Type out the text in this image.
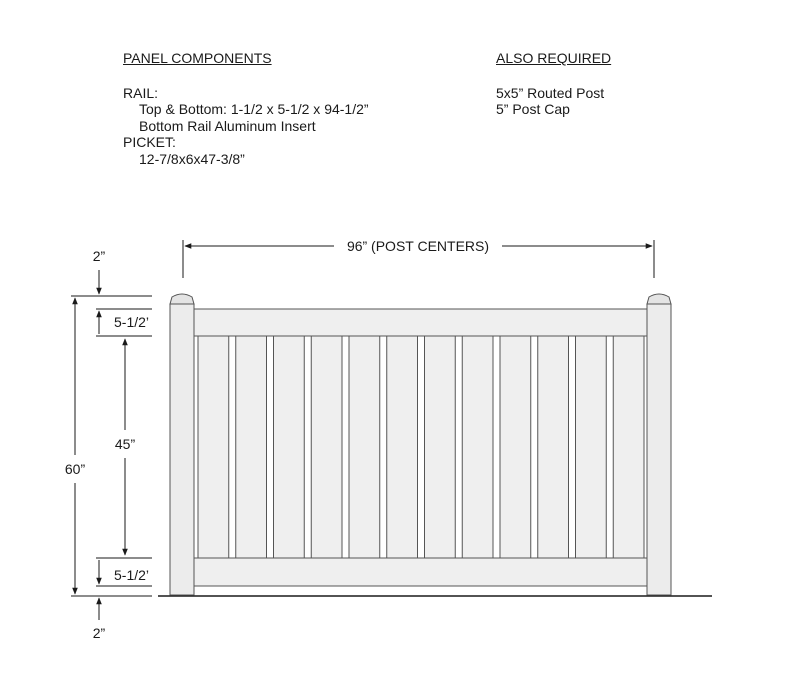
PANEL COMPONENTS
RAIL:
Top & Bottom: 1-1/2 x 5-1/2 x 94-1/2”
Bottom Rail Aluminum Insert
PICKET:
12-7/8x6x47-3/8”
ALSO REQUIRED
5x5” Routed Post
5” Post Cap
96” (POST CENTERS)
2”
5-1/2’
45”
60”
5-1/2’
2”
